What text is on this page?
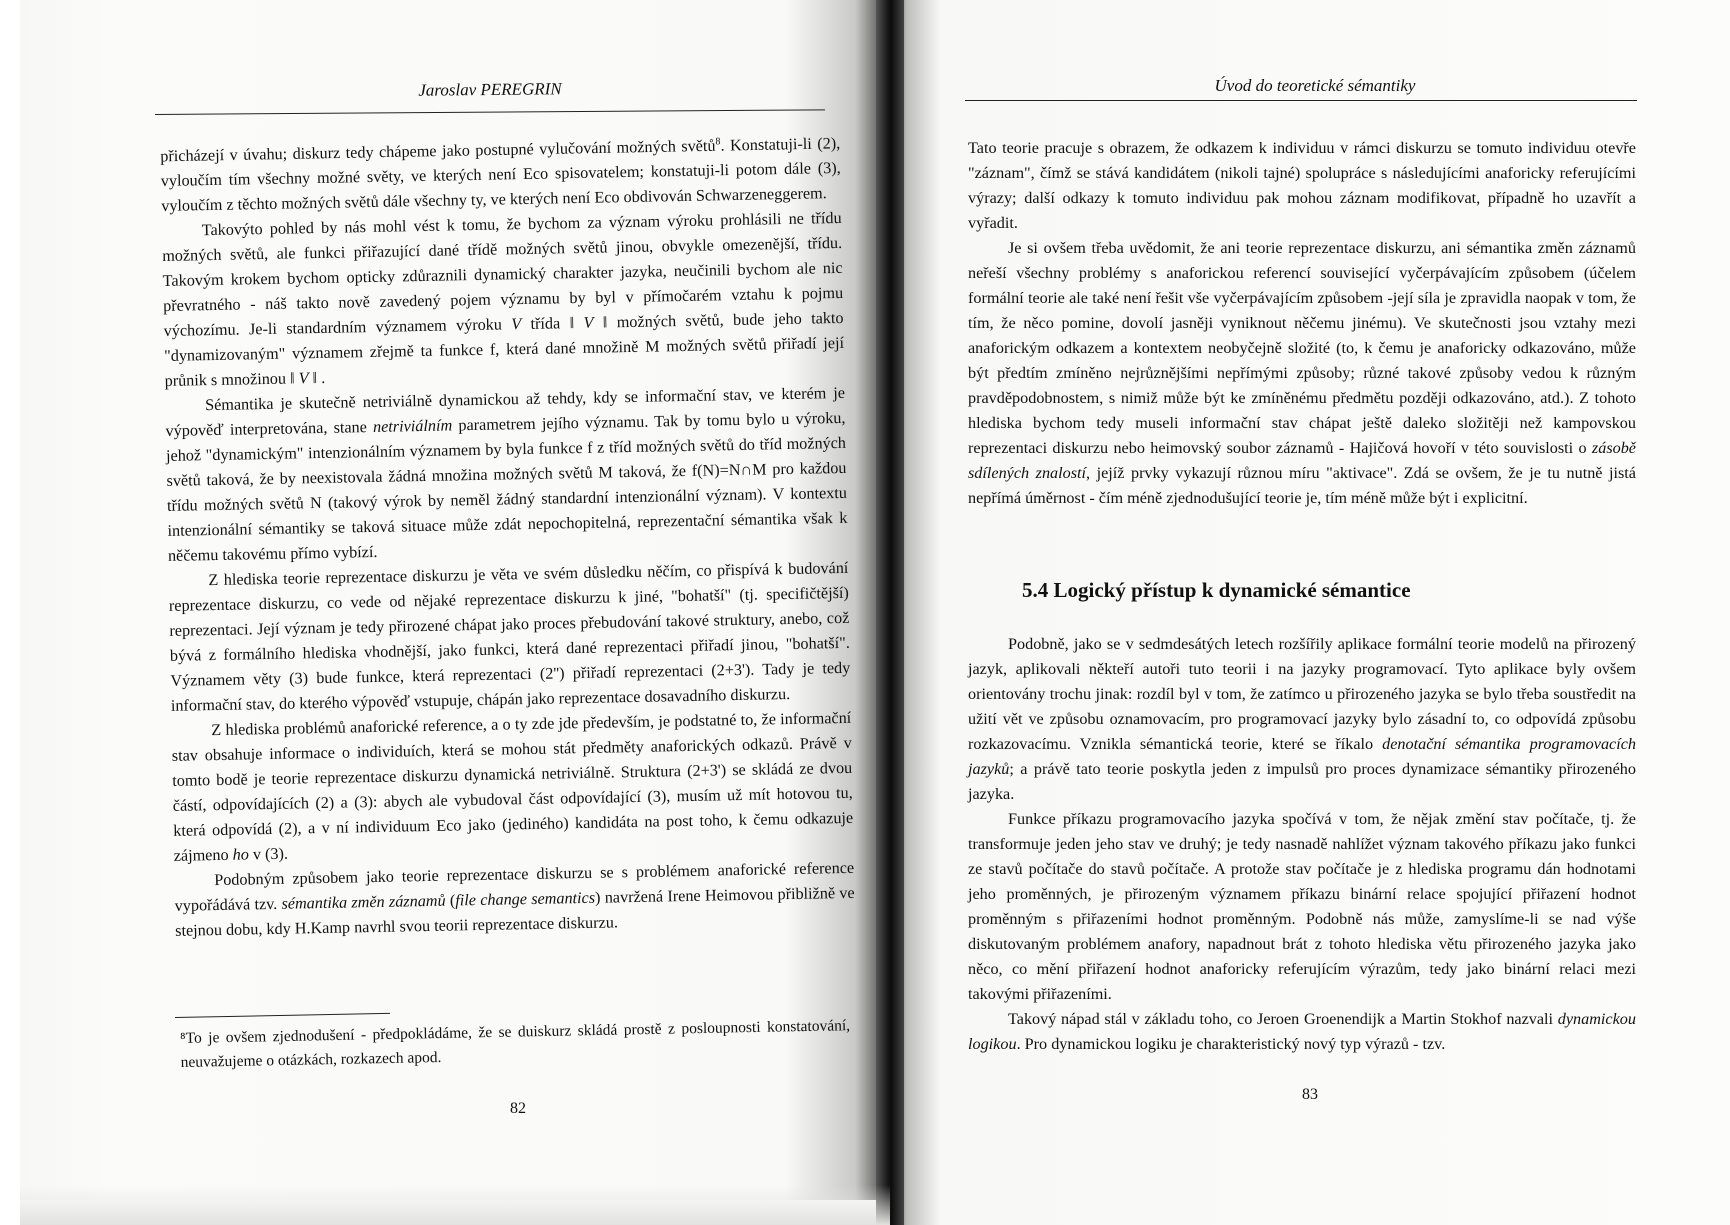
Jaroslav PEREGRIN

přicházejí v úvahu; diskurz tedy chápeme jako postupné vylučování možných světů$^8$. Konstatuji-li (2), vyloučím tím všechny možné světy, ve kterých není Eco spisovatelem; konstatuji-li potom dále (3), vyloučím z těchto možných světů dále všechny ty, ve kterých není Eco obdivován Schwarzeneggerem.

Takovýto pohled by nás mohl vést k tomu, že bychom za význam výroku prohlásili ne třídu možných světů, ale funkci přiřazující dané třídě možných světů jinou, obvykle omezenější, třídu. Takovým krokem bychom opticky zdůraznili dynamický charakter jazyka, neučinili bychom ale nic převratného - náš takto nově zavedený pojem významu by byl v přímočarém vztahu k pojmu výchozímu. Je-li standardním významem výroku V třída ‖ V ‖ možných světů, bude jeho takto "dynamizovaným" významem zřejmě ta funkce f, která dané množině M možných světů přiřadí její průnik s množinou ‖ V ‖ .

Sémantika je skutečně netriviálně dynamickou až tehdy, kdy se informační stav, ve kterém je výpověď interpretována, stane netriviálním parametrem jejího významu. Tak by tomu bylo u výroku, jehož "dynamickým" intenzionálním významem by byla funkce f z tříd možných světů do tříd možných světů taková, že by neexistovala žádná množina možných světů M taková, že f(N)=N∩M pro každou třídu možných světů N (takový výrok by neměl žádný standardní intenzionální význam). V kontextu intenzionální sémantiky se taková situace může zdát nepochopitelná, reprezentační sémantika však k něčemu takovému přímo vybízí.

Z hlediska teorie reprezentace diskurzu je věta ve svém důsledku něčím, co přispívá k budování reprezentace diskurzu, co vede od nějaké reprezentace diskurzu k jiné, "bohatší" (tj. specifičtější) reprezentaci. Její význam je tedy přirozené chápat jako proces přebudování takové struktury, anebo, což bývá z formálního hlediska vhodnější, jako funkci, která dané reprezentaci přiřadí jinou, "bohatší". Významem věty (3) bude funkce, která reprezentaci (2'') přiřadí reprezentaci (2+3'). Tady je tedy informační stav, do kterého výpověď vstupuje, chápán jako reprezentace dosavadního diskurzu.

Z hlediska problémů anaforické reference, a o ty zde jde především, je podstatné to, že informační stav obsahuje informace o individuích, která se mohou stát předměty anaforických odkazů. Právě v tomto bodě je teorie reprezentace diskurzu dynamická netriviálně. Struktura (2+3') se skládá ze dvou částí, odpovídajících (2) a (3): abych ale vybudoval část odpovídající (3), musím už mít hotovou tu, která odpovídá (2), a v ní individuum Eco jako (jediného) kandidáta na post toho, k čemu odkazuje zájmeno ho v (3).

Podobným způsobem jako teorie reprezentace diskurzu se s problémem anaforické reference vypořádává tzv. sémantika změn záznamů (file change semantics) navržená Irene Heimovou přibližně ve stejnou dobu, kdy H.Kamp navrhl svou teorii reprezentace diskurzu.

⁸To je ovšem zjednodušení - předpokládáme, že se duiskurz skládá prostě z posloupnosti konstatování, neuvažujeme o otázkách, rozkazech apod.
82
Úvod do teoretické sémantiky

Tato teorie pracuje s obrazem, že odkazem k individuu v rámci diskurzu se tomuto individuu otevře "záznam", čímž se stává kandidátem (nikoli tajné) spolupráce s následujícími anaforicky referujícími výrazy; další odkazy k tomuto individuu pak mohou záznam modifikovat, případně ho uzavřít a vyřadit.

Je si ovšem třeba uvědomit, že ani teorie reprezentace diskurzu, ani sémantika změn záznamů neřeší všechny problémy s anaforickou referencí související vyčerpávajícím způsobem (účelem formální teorie ale také není řešit vše vyčerpávajícím způsobem -její síla je zpravidla naopak v tom, že tím, že něco pomine, dovolí jasněji vyniknout něčemu jinému). Ve skutečnosti jsou vztahy mezi anaforickým odkazem a kontextem neobyčejně složité (to, k čemu je anaforicky odkazováno, může být předtím zmíněno nejrůznějšími nepřímými způsoby; různé takové způsoby vedou k různým pravděpodobnostem, s nimiž může být ke zmíněnému předmětu později odkazováno, atd.). Z tohoto hlediska bychom tedy museli informační stav chápat ještě daleko složitěji než kampovskou reprezentaci diskurzu nebo heimovský soubor záznamů - Hajičová hovoří v této souvislosti o zásobě sdílených znalostí, jejíž prvky vykazují různou míru "aktivace". Zdá se ovšem, že je tu nutně jistá nepřímá úměrnost - čím méně zjednodušující teorie je, tím méně může být i explicitní.

5.4 Logický přístup k dynamické sémantice

Podobně, jako se v sedmdesátých letech rozšířily aplikace formální teorie modelů na přirozený jazyk, aplikovali někteří autoři tuto teorii i na jazyky programovací. Tyto aplikace byly ovšem orientovány trochu jinak: rozdíl byl v tom, že zatímco u přirozeného jazyka se bylo třeba soustředit na užití vět ve způsobu oznamovacím, pro programovací jazyky bylo zásadní to, co odpovídá způsobu rozkazovacímu. Vznikla sémantická teorie, které se říkalo denotační sémantika programovacích jazyků; a právě tato teorie poskytla jeden z impulsů pro proces dynamizace sémantiky přirozeného jazyka.

Funkce příkazu programovacího jazyka spočívá v tom, že nějak změní stav počítače, tj. že transformuje jeden jeho stav ve druhý; je tedy nasnadě nahlížet význam takového příkazu jako funkci ze stavů počítače do stavů počítače. A protože stav počítače je z hlediska programu dán hodnotami jeho proměnných, je přirozeným významem příkazu binární relace spojující přiřazení hodnot proměnným s přiřazeními hodnot proměnným. Podobně nás může, zamyslíme-li se nad výše diskutovaným problémem anafory, napadnout brát z tohoto hlediska větu přirozeného jazyka jako něco, co mění přiřazení hodnot anaforicky referujícím výrazům, tedy jako binární relaci mezi takovými přiřazeními.

Takový nápad stál v základu toho, co Jeroen Groenendijk a Martin Stokhof nazvali dynamickou logikou. Pro dynamickou logiku je charakteristický nový typ výrazů - tzv.

83
